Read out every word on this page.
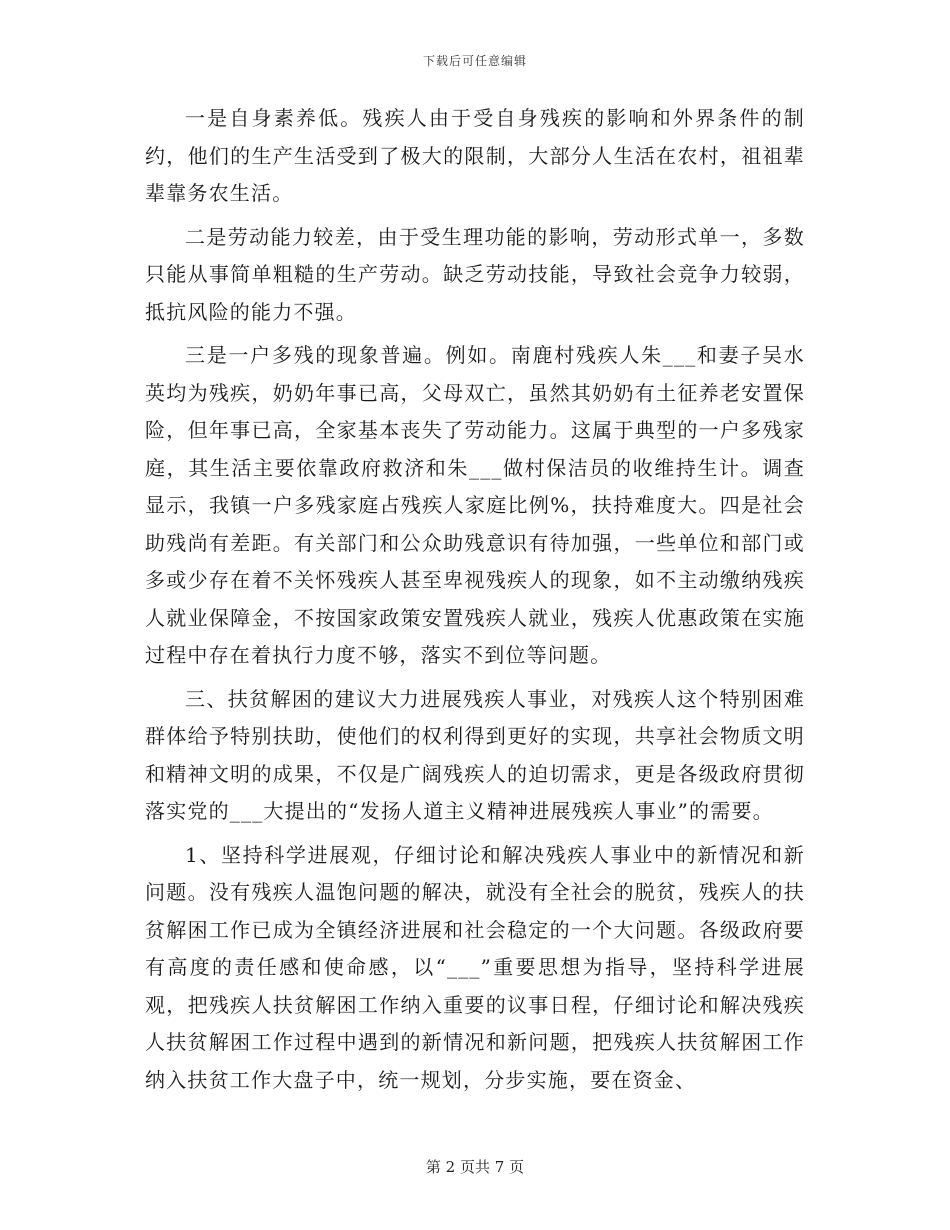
下载后可任意编辑

一是自身素养低。残疾人由于受自身残疾的影响和外界条件的制约，他们的生产生活受到了极大的限制，大部分人生活在农村，祖祖辈辈靠务农生活。

二是劳动能力较差，由于受生理功能的影响，劳动形式单一，多数只能从事简单粗糙的生产劳动。缺乏劳动技能，导致社会竞争力较弱，抵抗风险的能力不强。

三是一户多残的现象普遍。例如。南鹿村残疾人朱___和妻子吴水英均为残疾，奶奶年事已高，父母双亡，虽然其奶奶有土征养老安置保险，但年事已高，全家基本丧失了劳动能力。这属于典型的一户多残家庭，其生活主要依靠政府救济和朱___做村保洁员的收维持生计。调查显示，我镇一户多残家庭占残疾人家庭比例%，扶持难度大。四是社会助残尚有差距。有关部门和公众助残意识有待加强，一些单位和部门或多或少存在着不关怀残疾人甚至卑视残疾人的现象，如不主动缴纳残疾人就业保障金，不按国家政策安置残疾人就业，残疾人优惠政策在实施过程中存在着执行力度不够，落实不到位等问题。

三、扶贫解困的建议大力进展残疾人事业，对残疾人这个特别困难群体给予特别扶助，使他们的权利得到更好的实现，共享社会物质文明和精神文明的成果，不仅是广阔残疾人的迫切需求，更是各级政府贯彻落实党的___大提出的“发扬人道主义精神进展残疾人事业”的需要。

1、坚持科学进展观，仔细讨论和解决残疾人事业中的新情况和新问题。没有残疾人温饱问题的解决，就没有全社会的脱贫，残疾人的扶贫解困工作已成为全镇经济进展和社会稳定的一个大问题。各级政府要有高度的责任感和使命感，以“___”重要思想为指导，坚持科学进展观，把残疾人扶贫解困工作纳入重要的议事日程，仔细讨论和解决残疾人扶贫解困工作过程中遇到的新情况和新问题，把残疾人扶贫解困工作纳入扶贫工作大盘子中，统一规划，分步实施，要在资金、

第 2 页共 7 页
